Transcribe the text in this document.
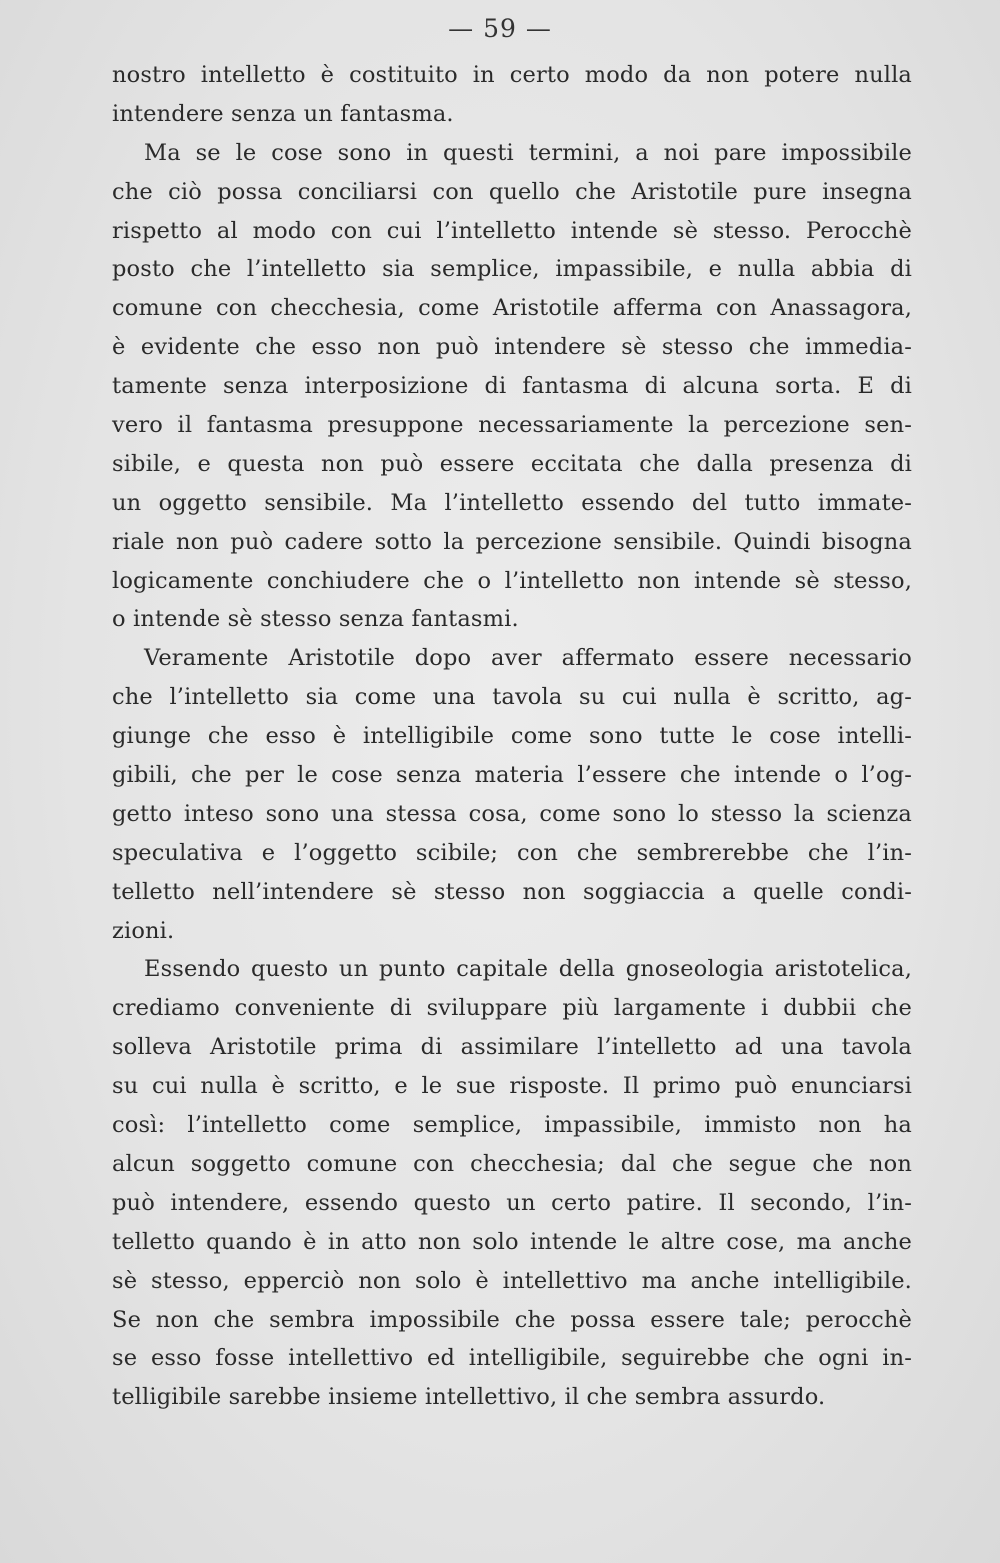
— 59 —
nostro intelletto è costituito in certo modo da non potere nulla
intendere senza un fantasma.
Ma se le cose sono in questi termini, a noi pare impossibile
che ciò possa conciliarsi con quello che Aristotile pure insegna
rispetto al modo con cui l’intelletto intende sè stesso. Perocchè
posto che l’intelletto sia semplice, impassibile, e nulla abbia di
comune con checchesia, come Aristotile afferma con Anassagora,
è evidente che esso non può intendere sè stesso che immedia-
tamente senza interposizione di fantasma di alcuna sorta. E di
vero il fantasma presuppone necessariamente la percezione sen-
sibile, e questa non può essere eccitata che dalla presenza di
un oggetto sensibile. Ma l’intelletto essendo del tutto immate-
riale non può cadere sotto la percezione sensibile. Quindi bisogna
logicamente conchiudere che o l’intelletto non intende sè stesso,
o intende sè stesso senza fantasmi.
Veramente Aristotile dopo aver affermato essere necessario
che l’intelletto sia come una tavola su cui nulla è scritto, ag-
giunge che esso è intelligibile come sono tutte le cose intelli-
gibili, che per le cose senza materia l’essere che intende o l’og-
getto inteso sono una stessa cosa, come sono lo stesso la scienza
speculativa e l’oggetto scibile; con che sembrerebbe che l’in-
telletto nell’intendere sè stesso non soggiaccia a quelle condi-
zioni.
Essendo questo un punto capitale della gnoseologia aristotelica,
crediamo conveniente di sviluppare più largamente i dubbii che
solleva Aristotile prima di assimilare l’intelletto ad una tavola
su cui nulla è scritto, e le sue risposte. Il primo può enunciarsi
così: l’intelletto come semplice, impassibile, immisto non ha
alcun soggetto comune con checchesia; dal che segue che non
può intendere, essendo questo un certo patire. Il secondo, l’in-
telletto quando è in atto non solo intende le altre cose, ma anche
sè stesso, epperciò non solo è intellettivo ma anche intelligibile.
Se non che sembra impossibile che possa essere tale; perocchè
se esso fosse intellettivo ed intelligibile, seguirebbe che ogni in-
telligibile sarebbe insieme intellettivo, il che sembra assurdo.
